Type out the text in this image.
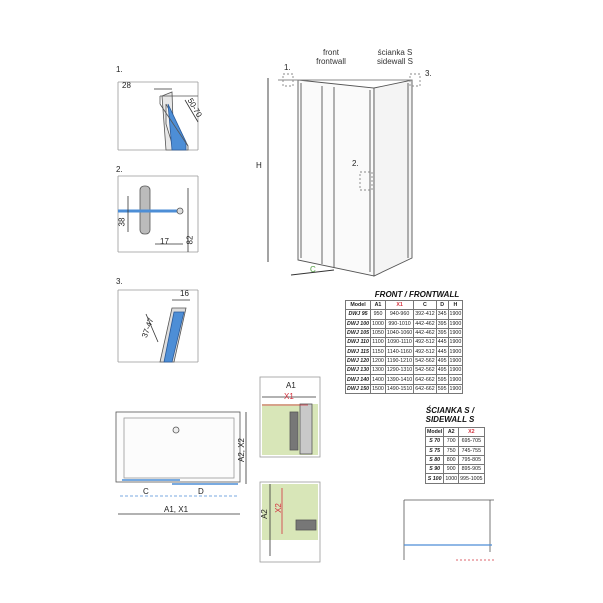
1.
28
50-70
2.
38
17 82
3.
16
37-47
front
frontwall
ścianka S
sidewall S
1.
3.
2.
H
C
A2, X2
C	D
A1, X1
A1
X1
A2
X2
FRONT / FRONTWALL
Model	A1	X1	C	D	H
DWJ 95	950	940-960	392-412	345	1900
DWJ 100	1000	990-1010	442-462	395	1900
DWJ 105	1050	1040-1060	442-462	395	1900
DWJ 110	1100	1090-1110	492-512	445	1900
DWJ 115	1150	1140-1160	492-512	445	1900
DWJ 120	1200	1190-1210	542-562	495	1900
DWJ 130	1300	1290-1310	542-562	495	1900
DWJ 140	1400	1390-1410	642-662	595	1900
DWJ 150	1500	1490-1510	642-662	595	1900
ŚCIANKA S /
SIDEWALL S
Model	A2	X2
S 70	700	695-705
S 75	750	745-755
S 80	800	795-805
S 90	900	895-905
S 100	1000	995-1005
